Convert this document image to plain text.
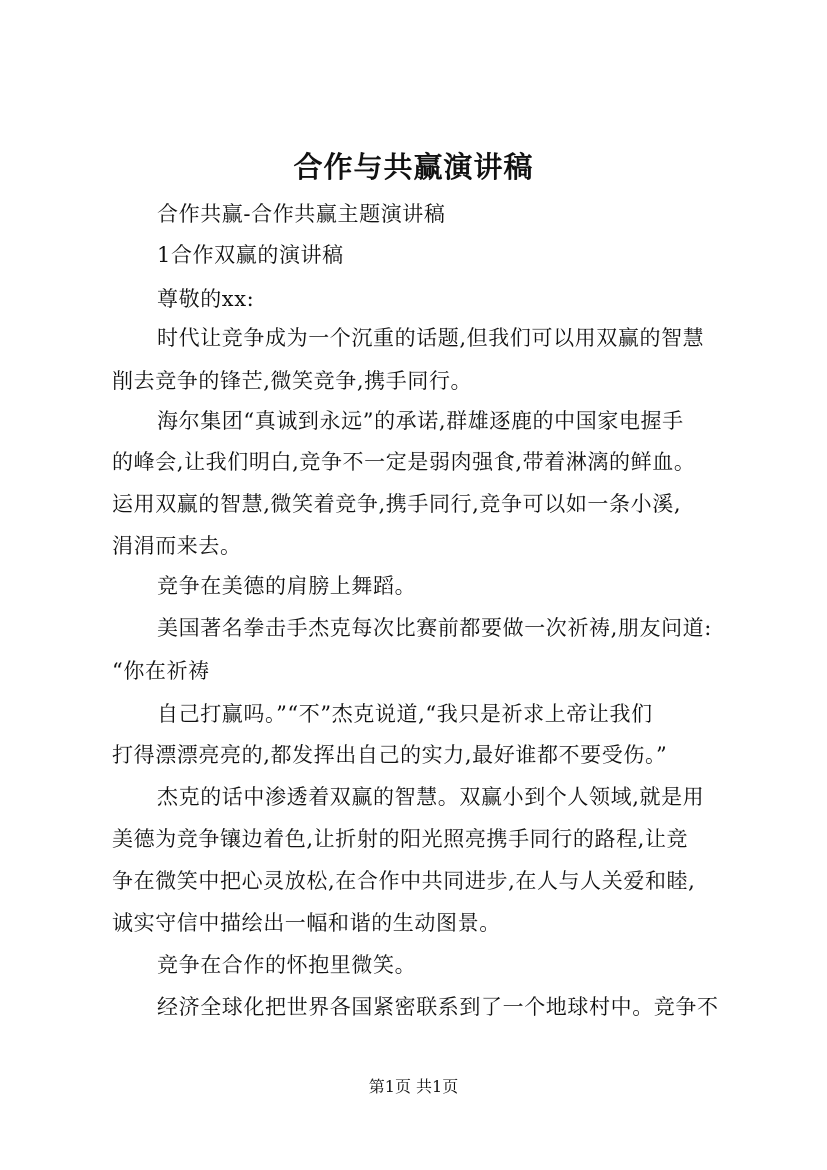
合作与共赢演讲稿
合作共赢-合作共赢主题演讲稿
1合作双赢的演讲稿
尊敬的xx:
时代让竞争成为一个沉重的话题,但我们可以用双赢的智慧
削去竞争的锋芒,微笑竞争,携手同行。
海尔集团“真诚到永远”的承诺,群雄逐鹿的中国家电握手
的峰会,让我们明白,竞争不一定是弱肉强食,带着淋漓的鲜血。
运用双赢的智慧,微笑着竞争,携手同行,竞争可以如一条小溪,
涓涓而来去。
竞争在美德的肩膀上舞蹈。
美国著名拳击手杰克每次比赛前都要做一次祈祷,朋友问道:
“你在祈祷
自己打赢吗。”“不”杰克说道,“我只是祈求上帝让我们
打得漂漂亮亮的,都发挥出自己的实力,最好谁都不要受伤。”
杰克的话中渗透着双赢的智慧。双赢小到个人领域,就是用
美德为竞争镶边着色,让折射的阳光照亮携手同行的路程,让竞
争在微笑中把心灵放松,在合作中共同进步,在人与人关爱和睦,
诚实守信中描绘出一幅和谐的生动图景。
竞争在合作的怀抱里微笑。
经济全球化把世界各国紧密联系到了一个地球村中。竞争不
第1页 共1页
